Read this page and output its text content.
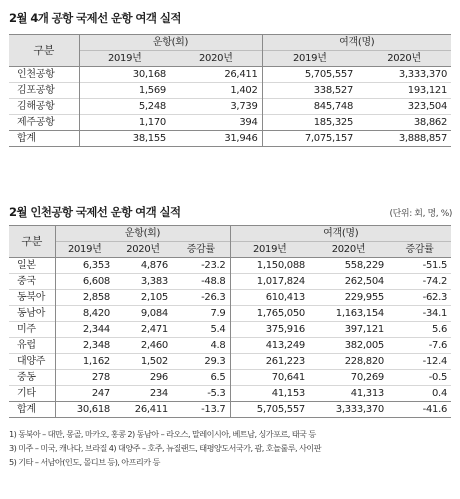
2월 4개 공항 국제선 운항 여객 실적
구분	운항(회)		여객(명)	
	2019년	2020년	2019년	2020년
인천공항	30,168	26,411	5,705,557	3,333,370
김포공항	1,569	1,402	338,527	193,121
김해공항	5,248	3,739	845,748	323,504
제주공항	1,170	394	185,325	38,862
합계	38,155	31,946	7,075,157	3,888,857
2월 인천공항 국제선 운항 여객 실적	(단위: 회, 명, %)
구분	운항(회)			여객(명)		
	2019년	2020년	증감률	2019년	2020년	증감률
일본	6,353	4,876	-23.2	1,150,088	558,229	-51.5
중국	6,608	3,383	-48.8	1,017,824	262,504	-74.2
동북아	2,858	2,105	-26.3	610,413	229,955	-62.3
동남아	8,420	9,084	7.9	1,765,050	1,163,154	-34.1
미주	2,344	2,471	5.4	375,916	397,121	5.6
유럽	2,348	2,460	4.8	413,249	382,005	-7.6
대양주	1,162	1,502	29.3	261,223	228,820	-12.4
중동	278	296	6.5	70,641	70,269	-0.5
기타	247	234	-5.3	41,153	41,313	0.4
합계	30,618	26,411	-13.7	5,705,557	3,333,370	-41.6
1) 동북아 – 대만, 몽골, 마카오, 홍콩 2) 동남아 – 라오스, 말레이시아, 베트남, 싱가포르, 태국 등
3) 미주 – 미국, 캐나다, 브라질 4) 대양주 – 호주, 뉴질랜드, 태평양도서국가, 괌, 호놀룰루, 사이판
5) 기타 – 서남아(인도, 몰디브 등), 아프리카 등
